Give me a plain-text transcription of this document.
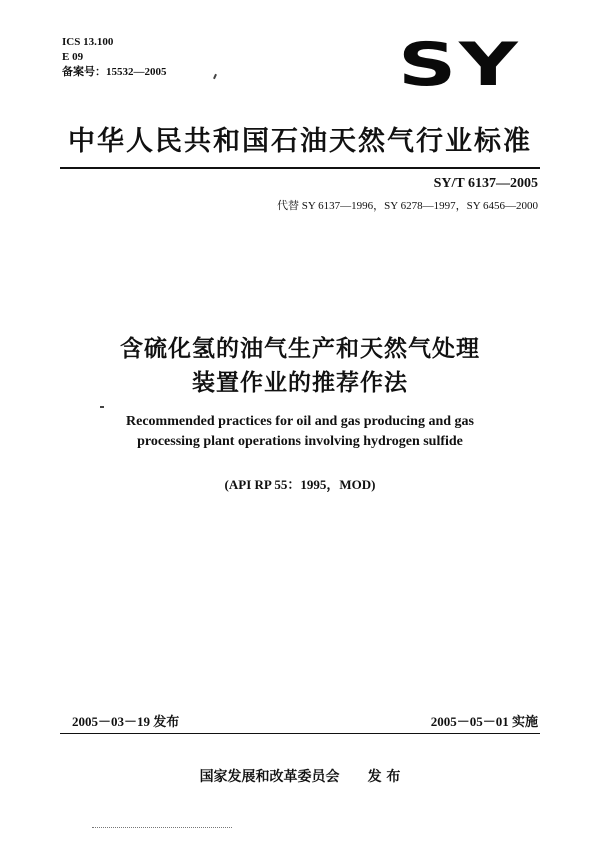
ICS 13.100
E 09
备案号：15532—2005	SY
中华人民共和国石油天然气行业标准
SY/T 6137—2005
代替 SY 6137—1996，SY 6278—1997，SY 6456—2000
含硫化氢的油气生产和天然气处理
装置作业的推荐作法
Recommended practices for oil and gas producing and gas
processing plant operations involving hydrogen sulfide
(API RP 55：1995，MOD)
2005－03－19 发布	2005－05－01 实施
国家发展和改革委员会 发 布
